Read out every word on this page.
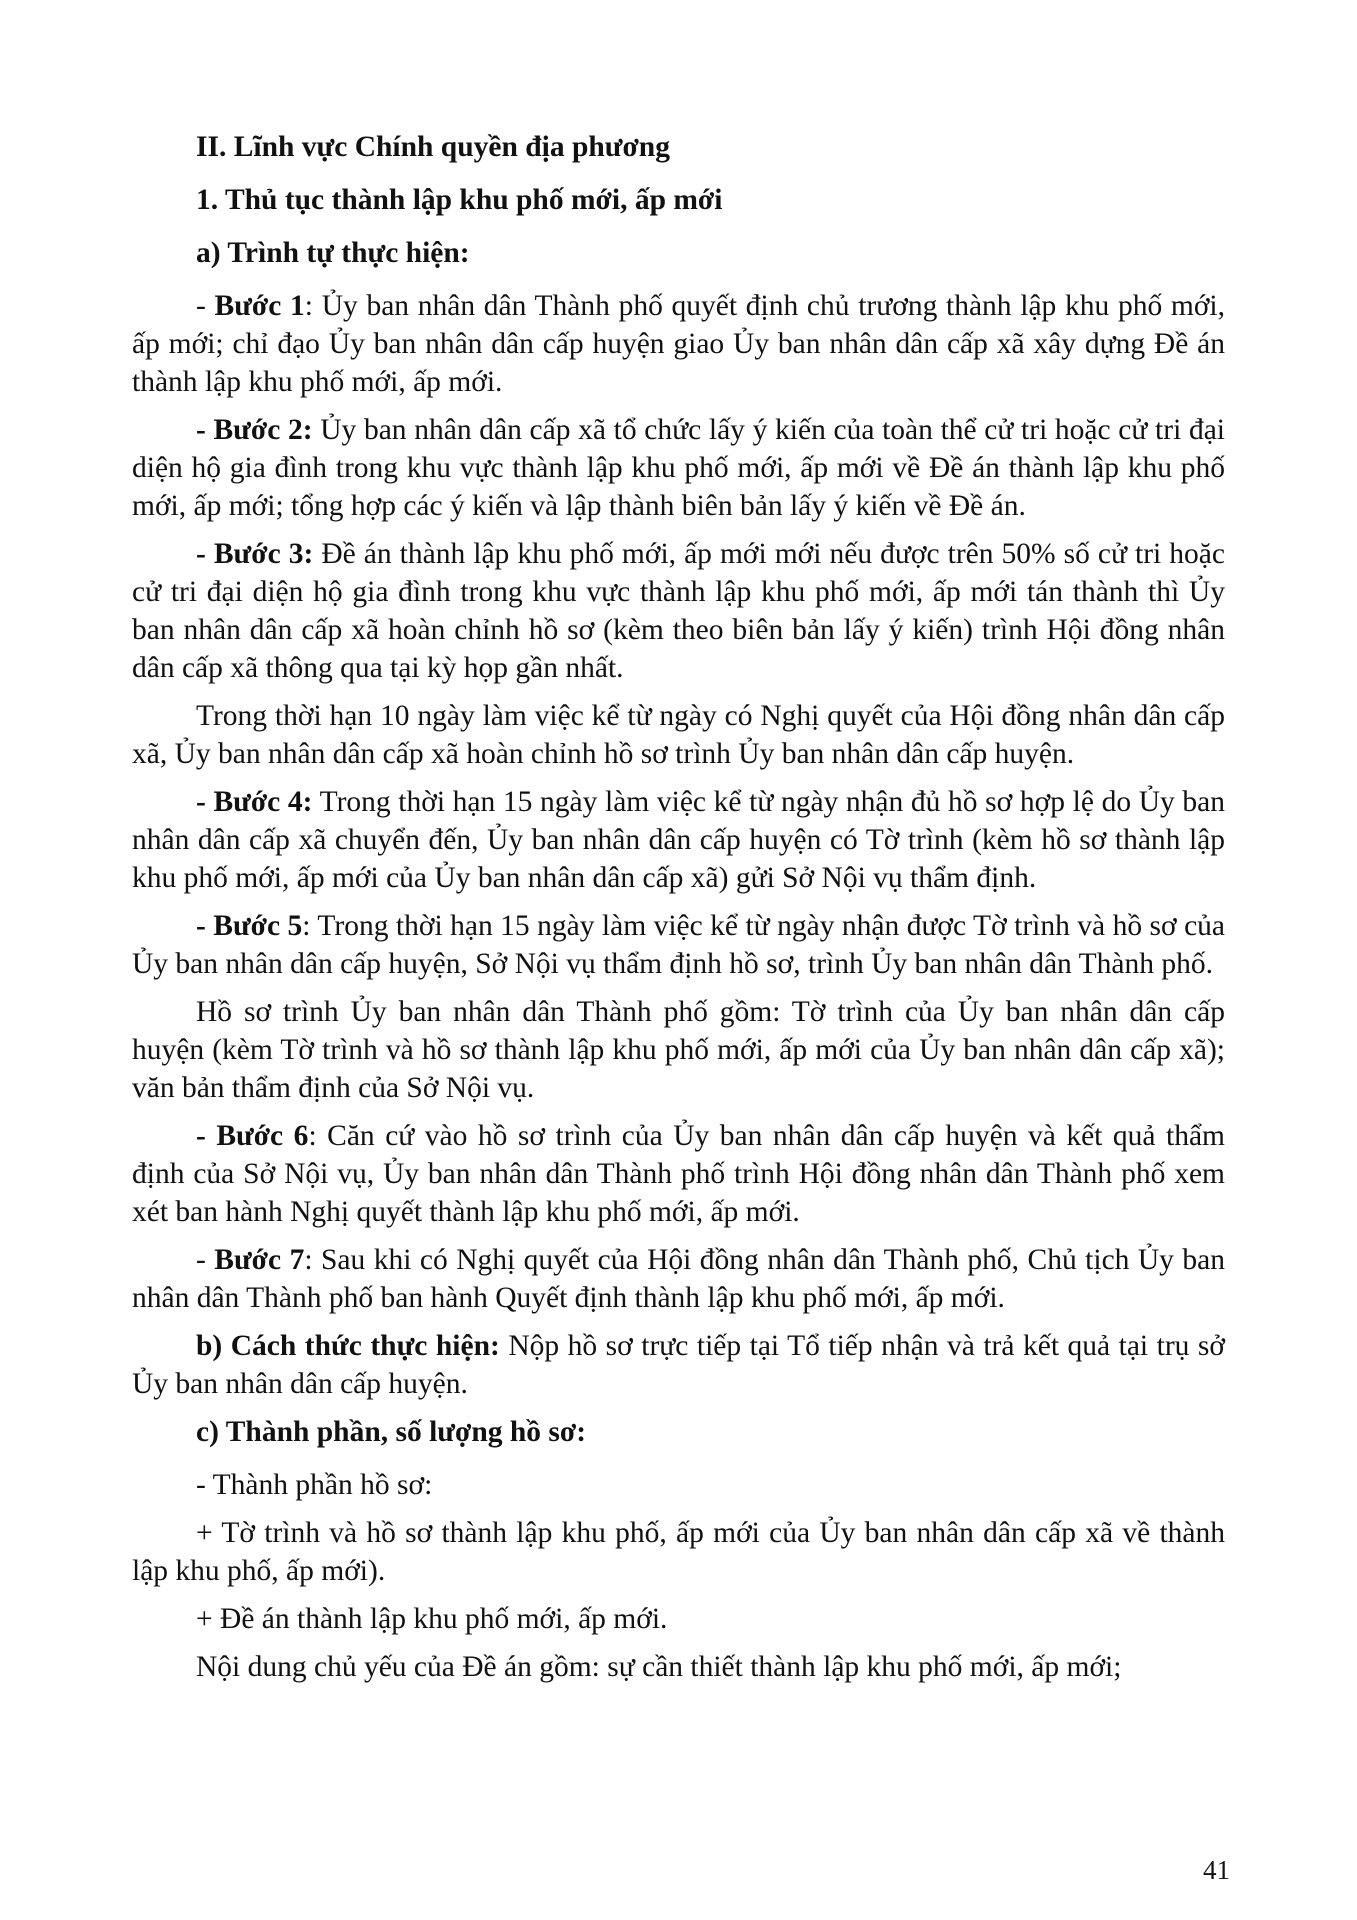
II. Lĩnh vực Chính quyền địa phương

1. Thủ tục thành lập khu phố mới, ấp mới

a) Trình tự thực hiện:

- Bước 1: Ủy ban nhân dân Thành phố quyết định chủ trương thành lập khu phố mới, ấp mới; chỉ đạo Ủy ban nhân dân cấp huyện giao Ủy ban nhân dân cấp xã xây dựng Đề án thành lập khu phố mới, ấp mới.

- Bước 2: Ủy ban nhân dân cấp xã tổ chức lấy ý kiến của toàn thể cử tri hoặc cử tri đại diện hộ gia đình trong khu vực thành lập khu phố mới, ấp mới về Đề án thành lập khu phố mới, ấp mới; tổng hợp các ý kiến và lập thành biên bản lấy ý kiến về Đề án.

- Bước 3: Đề án thành lập khu phố mới, ấp mới mới nếu được trên 50% số cử tri hoặc cử tri đại diện hộ gia đình trong khu vực thành lập khu phố mới, ấp mới tán thành thì Ủy ban nhân dân cấp xã hoàn chỉnh hồ sơ (kèm theo biên bản lấy ý kiến) trình Hội đồng nhân dân cấp xã thông qua tại kỳ họp gần nhất.

Trong thời hạn 10 ngày làm việc kể từ ngày có Nghị quyết của Hội đồng nhân dân cấp xã, Ủy ban nhân dân cấp xã hoàn chỉnh hồ sơ trình Ủy ban nhân dân cấp huyện.

- Bước 4: Trong thời hạn 15 ngày làm việc kể từ ngày nhận đủ hồ sơ hợp lệ do Ủy ban nhân dân cấp xã chuyển đến, Ủy ban nhân dân cấp huyện có Tờ trình (kèm hồ sơ thành lập khu phố mới, ấp mới của Ủy ban nhân dân cấp xã) gửi Sở Nội vụ thẩm định.

- Bước 5: Trong thời hạn 15 ngày làm việc kể từ ngày nhận được Tờ trình và hồ sơ của Ủy ban nhân dân cấp huyện, Sở Nội vụ thẩm định hồ sơ, trình Ủy ban nhân dân Thành phố.

Hồ sơ trình Ủy ban nhân dân Thành phố gồm: Tờ trình của Ủy ban nhân dân cấp huyện (kèm Tờ trình và hồ sơ thành lập khu phố mới, ấp mới của Ủy ban nhân dân cấp xã); văn bản thẩm định của Sở Nội vụ.

- Bước 6: Căn cứ vào hồ sơ trình của Ủy ban nhân dân cấp huyện và kết quả thẩm định của Sở Nội vụ, Ủy ban nhân dân Thành phố trình Hội đồng nhân dân Thành phố xem xét ban hành Nghị quyết thành lập khu phố mới, ấp mới.

- Bước 7: Sau khi có Nghị quyết của Hội đồng nhân dân Thành phố, Chủ tịch Ủy ban nhân dân Thành phố ban hành Quyết định thành lập khu phố mới, ấp mới.

b) Cách thức thực hiện: Nộp hồ sơ trực tiếp tại Tổ tiếp nhận và trả kết quả tại trụ sở Ủy ban nhân dân cấp huyện.

c) Thành phần, số lượng hồ sơ:

- Thành phần hồ sơ:

+ Tờ trình và hồ sơ thành lập khu phố, ấp mới của Ủy ban nhân dân cấp xã về thành lập khu phố, ấp mới).

+ Đề án thành lập khu phố mới, ấp mới.

Nội dung chủ yếu của Đề án gồm: sự cần thiết thành lập khu phố mới, ấp mới;

41
